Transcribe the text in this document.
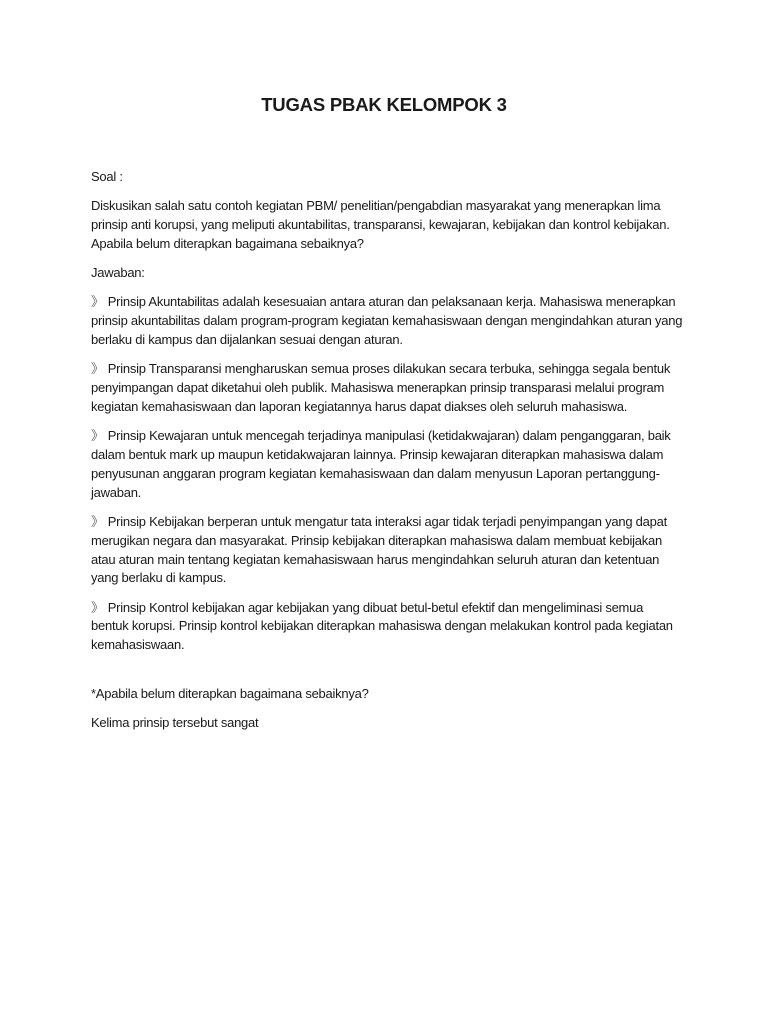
TUGAS PBAK KELOMPOK 3

Soal :

Diskusikan salah satu contoh kegiatan PBM/ penelitian/pengabdian masyarakat yang menerapkan lima prinsip anti korupsi, yang meliputi akuntabilitas, transparansi, kewajaran, kebijakan dan kontrol kebijakan. Apabila belum diterapkan bagaimana sebaiknya?

Jawaban:

》 Prinsip Akuntabilitas adalah kesesuaian antara aturan dan pelaksanaan kerja. Mahasiswa menerapkan prinsip akuntabilitas dalam program-program kegiatan kemahasiswaan dengan mengindahkan aturan yang berlaku di kampus dan dijalankan sesuai dengan aturan.

》 Prinsip Transparansi mengharuskan semua proses dilakukan secara terbuka, sehingga segala bentuk penyimpangan dapat diketahui oleh publik. Mahasiswa menerapkan prinsip transparasi melalui program kegiatan kemahasiswaan dan laporan kegiatannya harus dapat diakses oleh seluruh mahasiswa.

》 Prinsip Kewajaran untuk mencegah terjadinya manipulasi (ketidakwajaran) dalam penganggaran, baik dalam bentuk mark up maupun ketidakwajaran lainnya. Prinsip kewajaran diterapkan mahasiswa dalam penyusunan anggaran program kegiatan kemahasiswaan dan dalam menyusun Laporan pertanggung-jawaban.

》 Prinsip Kebijakan berperan untuk mengatur tata interaksi agar tidak terjadi penyimpangan yang dapat merugikan negara dan masyarakat. Prinsip kebijakan diterapkan mahasiswa dalam membuat kebijakan atau aturan main tentang kegiatan kemahasiswaan harus mengindahkan seluruh aturan dan ketentuan yang berlaku di kampus.

》 Prinsip Kontrol kebijakan agar kebijakan yang dibuat betul-betul efektif dan mengeliminasi semua bentuk korupsi. Prinsip kontrol kebijakan diterapkan mahasiswa dengan melakukan kontrol pada kegiatan kemahasiswaan.

*Apabila belum diterapkan bagaimana sebaiknya?

Kelima prinsip tersebut sangat
